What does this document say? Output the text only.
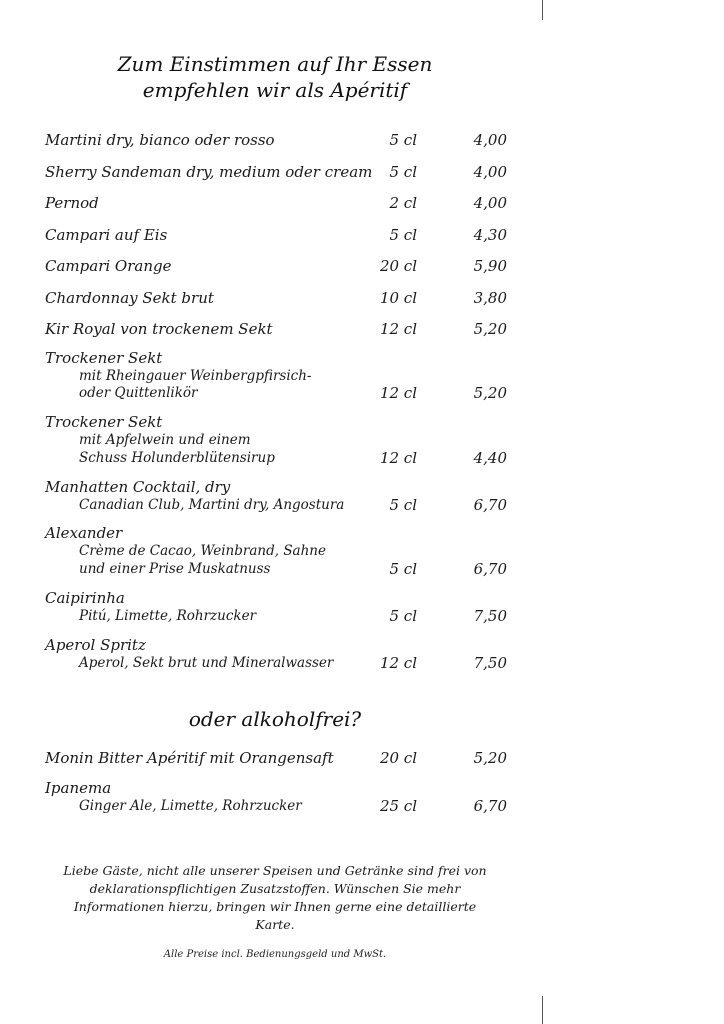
Zum Einstimmen auf Ihr Essen
empfehlen wir als Apéritif
Martini dry, bianco oder rosso	5 cl	4,00
Sherry Sandeman dry, medium oder cream	5 cl	4,00
Pernod	2 cl	4,00
Campari auf Eis	5 cl	4,30
Campari Orange	20 cl	5,90
Chardonnay Sekt brut	10 cl	3,80
Kir Royal von trockenem Sekt	12 cl	5,20
Trockener Sekt
mit Rheingauer Weinbergpfirsich-
oder Quittenlikör	12 cl	5,20
Trockener Sekt
mit Apfelwein und einem
Schuss Holunderblütensirup	12 cl	4,40
Manhatten Cocktail, dry
Canadian Club, Martini dry, Angostura	5 cl	6,70
Alexander
Crème de Cacao, Weinbrand, Sahne
und einer Prise Muskatnuss	5 cl	6,70
Caipirinha
Pitú, Limette, Rohrzucker	5 cl	7,50
Aperol Spritz
Aperol, Sekt brut und Mineralwasser	12 cl	7,50
oder alkoholfrei?
Monin Bitter Apéritif mit Orangensaft	20 cl	5,20
Ipanema
Ginger Ale, Limette, Rohrzucker	25 cl	6,70
Liebe Gäste, nicht alle unserer Speisen und Getränke sind frei von
deklarationspflichtigen Zusatzstoffen. Wünschen Sie mehr
Informationen hierzu, bringen wir Ihnen gerne eine detaillierte Karte.
Alle Preise incl. Bedienungsgeld und MwSt.
